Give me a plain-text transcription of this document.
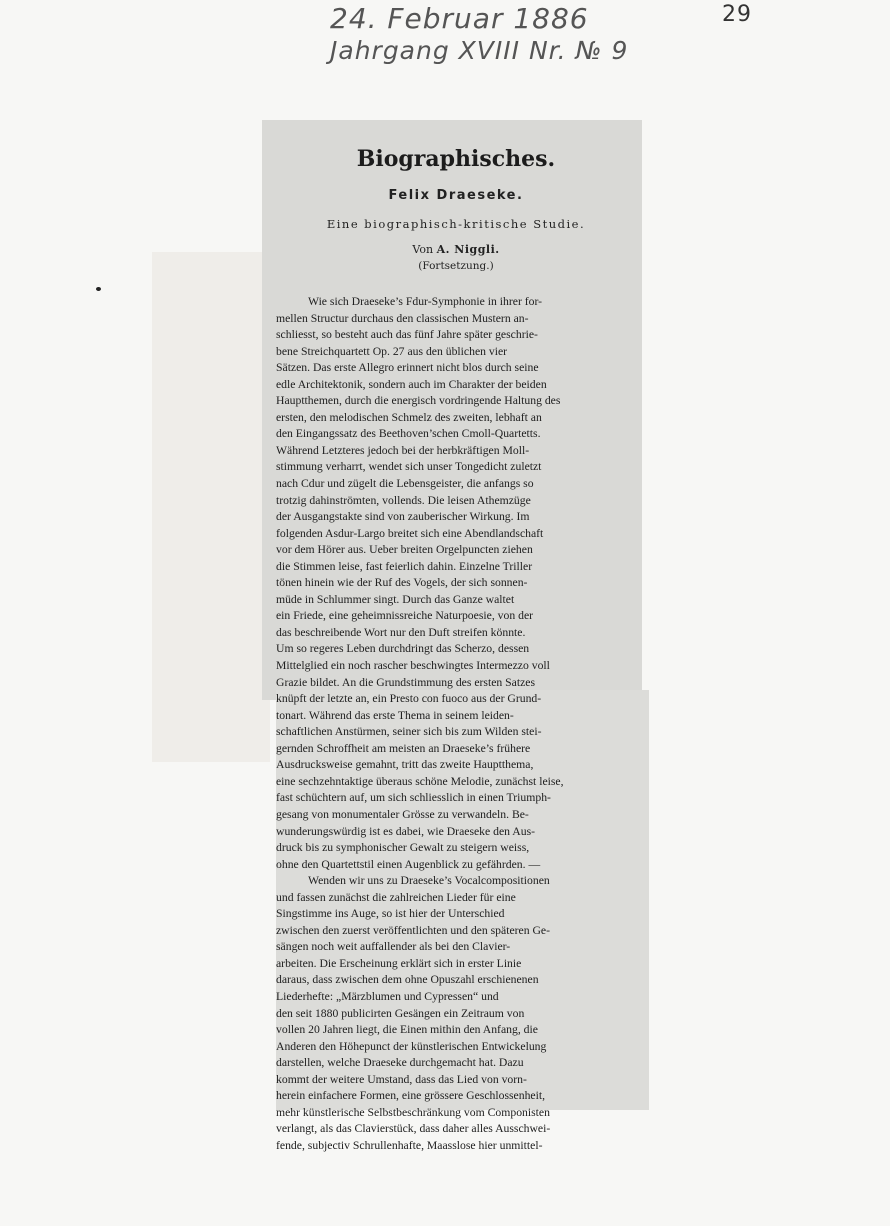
24. Februar 1886
Jahrgang XVIII Nr. № 9
29
Biographisches.
Felix Draeseke.
Eine biographisch-kritische Studie.
Von A. Niggli.
(Fortsetzung.)
Wie sich Draeseke’s Fdur-Symphonie in ihrer for-
mellen Structur durchaus den classischen Mustern an-
schliesst, so besteht auch das fünf Jahre später geschrie-
bene Streichquartett Op. 27 aus den üblichen vier
Sätzen. Das erste Allegro erinnert nicht blos durch seine
edle Architektonik, sondern auch im Charakter der beiden
Hauptthemen, durch die energisch vordringende Haltung des
ersten, den melodischen Schmelz des zweiten, lebhaft an
den Eingangssatz des Beethoven’schen Cmoll-Quartetts.
Während Letzteres jedoch bei der herbkräftigen Moll-
stimmung verharrt, wendet sich unser Tongedicht zuletzt
nach Cdur und zügelt die Lebensgeister, die anfangs so
trotzig dahinströmten, vollends. Die leisen Athemzüge
der Ausgangstakte sind von zauberischer Wirkung. Im
folgenden Asdur-Largo breitet sich eine Abendlandschaft
vor dem Hörer aus. Ueber breiten Orgelpuncten ziehen
die Stimmen leise, fast feierlich dahin. Einzelne Triller
tönen hinein wie der Ruf des Vogels, der sich sonnen-
müde in Schlummer singt. Durch das Ganze waltet
ein Friede, eine geheimnissreiche Naturpoesie, von der
das beschreibende Wort nur den Duft streifen könnte.
Um so regeres Leben durchdringt das Scherzo, dessen
Mittelglied ein noch rascher beschwingtes Intermezzo voll
Grazie bildet. An die Grundstimmung des ersten Satzes
knüpft der letzte an, ein Presto con fuoco aus der Grund-
tonart. Während das erste Thema in seinem leiden-
schaftlichen Anstürmen, seiner sich bis zum Wilden stei-
gernden Schroffheit am meisten an Draeseke’s frühere
Ausdrucksweise gemahnt, tritt das zweite Hauptthema,
eine sechzehntaktige überaus schöne Melodie, zunächst leise,
fast schüchtern auf, um sich schliesslich in einen Triumph-
gesang von monumentaler Grösse zu verwandeln. Be-
wunderungswürdig ist es dabei, wie Draeseke den Aus-
druck bis zu symphonischer Gewalt zu steigern weiss,
ohne den Quartettstil einen Augenblick zu gefährden. —
Wenden wir uns zu Draeseke’s Vocalcompositionen
und fassen zunächst die zahlreichen Lieder für eine
Singstimme ins Auge, so ist hier der Unterschied
zwischen den zuerst veröffentlichten und den späteren Ge-
sängen noch weit auffallender als bei den Clavier-
arbeiten. Die Erscheinung erklärt sich in erster Linie
daraus, dass zwischen dem ohne Opuszahl erschienenen
Liederhefte: „Märzblumen und Cypressen“ und
den seit 1880 publicirten Gesängen ein Zeitraum von
vollen 20 Jahren liegt, die Einen mithin den Anfang, die
Anderen den Höhepunct der künstlerischen Entwickelung
darstellen, welche Draeseke durchgemacht hat. Dazu
kommt der weitere Umstand, dass das Lied von vorn-
herein einfachere Formen, eine grössere Geschlossenheit,
mehr künstlerische Selbstbeschränkung vom Componisten
verlangt, als das Clavierstück, dass daher alles Ausschwei-
fende, subjectiv Schrullenhafte, Maasslose hier unmittel-
